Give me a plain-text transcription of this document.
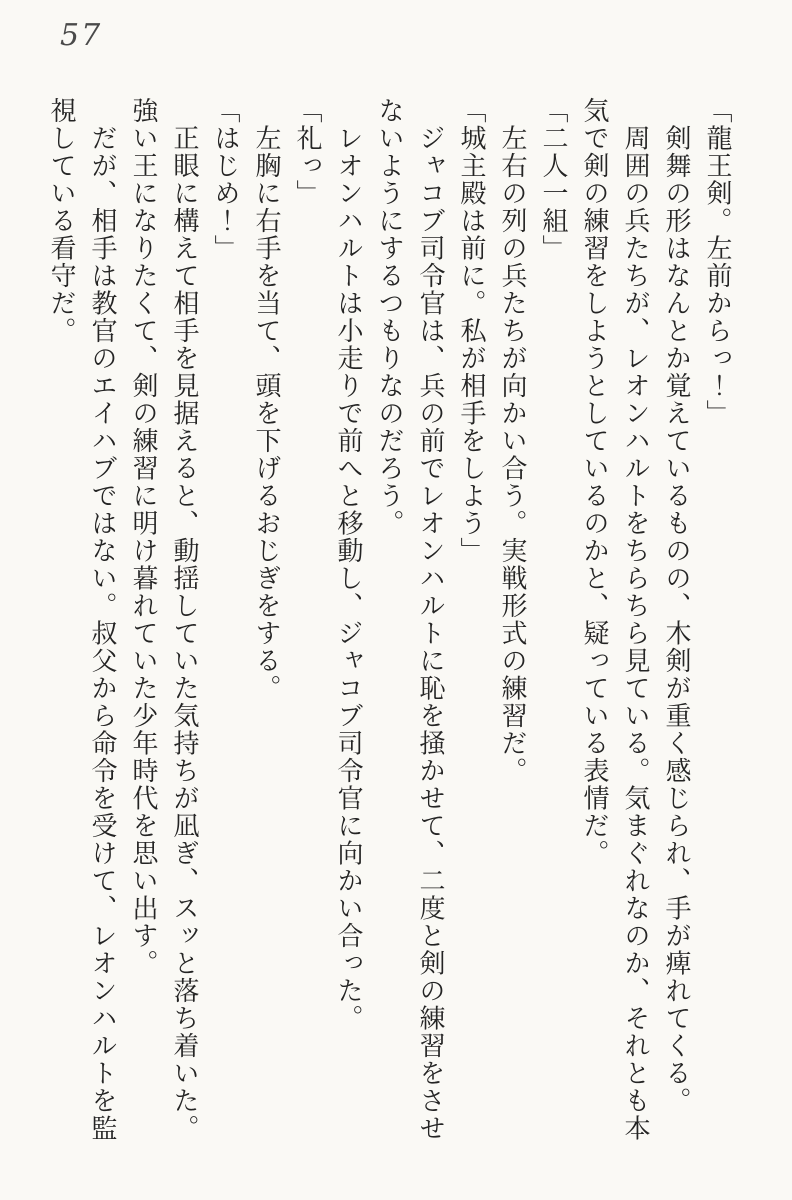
57

「龍王剣。左前からっ！」

　剣舞の形はなんとか覚えているものの、木剣が重く感じられ、手が痺れてくる。

　周囲の兵たちが、レオンハルトをちらちら見ている。気まぐれなのか、それとも本気で剣の練習をしようとしているのかと、疑っている表情だ。

「二人一組」

　左右の列の兵たちが向かい合う。実戦形式の練習だ。

「城主殿は前に。私が相手をしよう」

　ジャコブ司令官は、兵の前でレオンハルトに恥を掻かせて、二度と剣の練習をさせないようにするつもりなのだろう。

　レオンハルトは小走りで前へと移動し、ジャコブ司令官に向かい合った。

「礼っ」

　左胸に右手を当て、頭を下げるおじぎをする。

「はじめ！」

　正眼に構えて相手を見据えると、動揺していた気持ちが凪ぎ、スッと落ち着いた。強い王になりたくて、剣の練習に明け暮れていた少年時代を思い出す。

　だが、相手は教官のエイハブではない。叔父から命令を受けて、レオンハルトを監視している看守だ。
